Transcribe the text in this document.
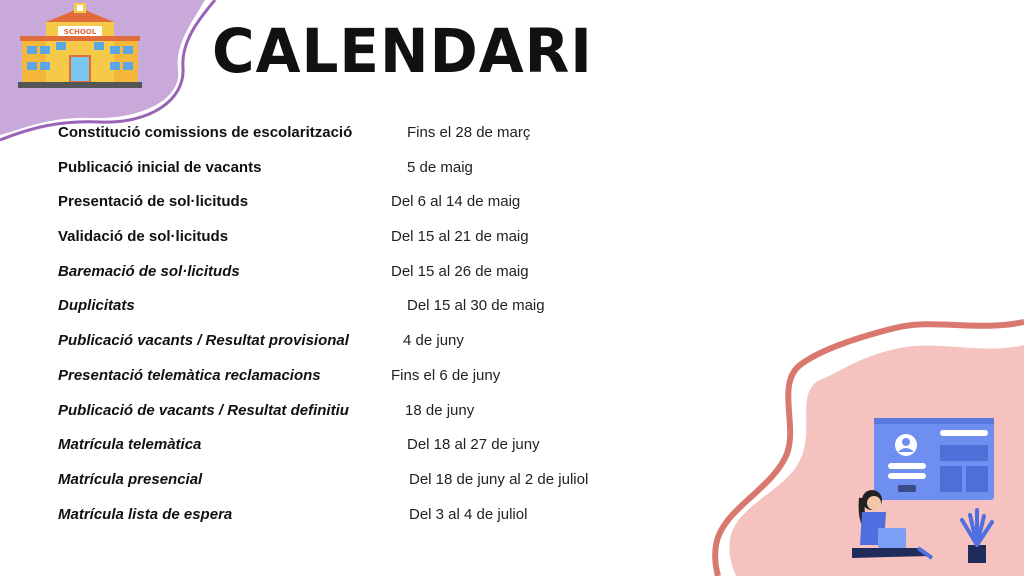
SCHOOL CALENDARI
Constitució comissions de escolarització	Fins el 28 de març
Publicació inicial de vacants	5 de maig
Presentació de sol·licituds	Del 6 al 14 de maig
Validació de sol·licituds	Del 15 al 21 de maig
Baremació de sol·licituds	Del 15 al 26 de maig
Duplicitats	Del 15 al 30 de maig
Publicació vacants / Resultat provisional	4 de juny
Presentació telemàtica reclamacions	Fins el 6 de juny
Publicació de vacants / Resultat definitiu	18 de juny
Matrícula telemàtica	Del 18 al 27 de juny
Matrícula presencial	Del 18 de juny al 2 de juliol
Matrícula lista de espera	Del 3 al 4 de juliol
